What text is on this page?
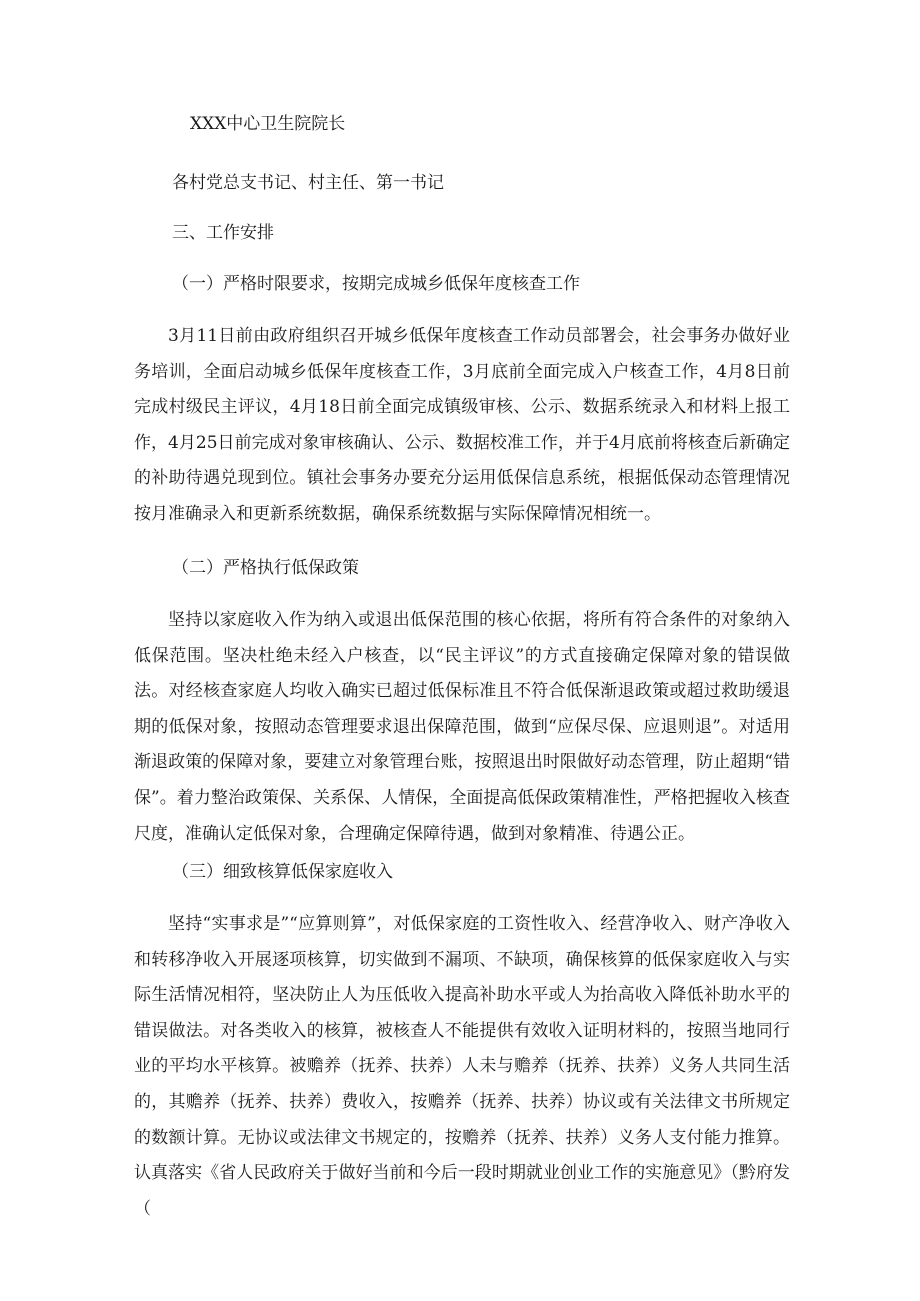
XXX中心卫生院院长

各村党总支书记、村主任、第一书记

三、工作安排

（一）严格时限要求，按期完成城乡低保年度核查工作

3月11日前由政府组织召开城乡低保年度核查工作动员部署会，社会事务办做好业务培训，全面启动城乡低保年度核查工作，3月底前全面完成入户核查工作，4月8日前完成村级民主评议，4月18日前全面完成镇级审核、公示、数据系统录入和材料上报工作，4月25日前完成对象审核确认、公示、数据校准工作，并于4月底前将核查后新确定的补助待遇兑现到位。镇社会事务办要充分运用低保信息系统，根据低保动态管理情况按月准确录入和更新系统数据，确保系统数据与实际保障情况相统一。

（二）严格执行低保政策

坚持以家庭收入作为纳入或退出低保范围的核心依据，将所有符合条件的对象纳入低保范围。坚决杜绝未经入户核查，以“民主评议”的方式直接确定保障对象的错误做法。对经核查家庭人均收入确实已超过低保标准且不符合低保渐退政策或超过救助缓退期的低保对象，按照动态管理要求退出保障范围，做到“应保尽保、应退则退”。对适用渐退政策的保障对象，要建立对象管理台账，按照退出时限做好动态管理，防止超期“错保”。着力整治政策保、关系保、人情保，全面提高低保政策精准性，严格把握收入核查尺度，准确认定低保对象，合理确定保障待遇，做到对象精准、待遇公正。

（三）细致核算低保家庭收入

坚持“实事求是”“应算则算”，对低保家庭的工资性收入、经营净收入、财产净收入和转移净收入开展逐项核算，切实做到不漏项、不缺项，确保核算的低保家庭收入与实际生活情况相符，坚决防止人为压低收入提高补助水平或人为抬高收入降低补助水平的错误做法。对各类收入的核算，被核查人不能提供有效收入证明材料的，按照当地同行业的平均水平核算。被赡养（抚养、扶养）人未与赡养（抚养、扶养）义务人共同生活的，其赡养（抚养、扶养）费收入，按赡养（抚养、扶养）协议或有关法律文书所规定的数额计算。无协议或法律文书规定的，按赡养（抚养、扶养）义务人支付能力推算。认真落实《省人民政府关于做好当前和今后一段时期就业创业工作的实施意见》（黔府发（
